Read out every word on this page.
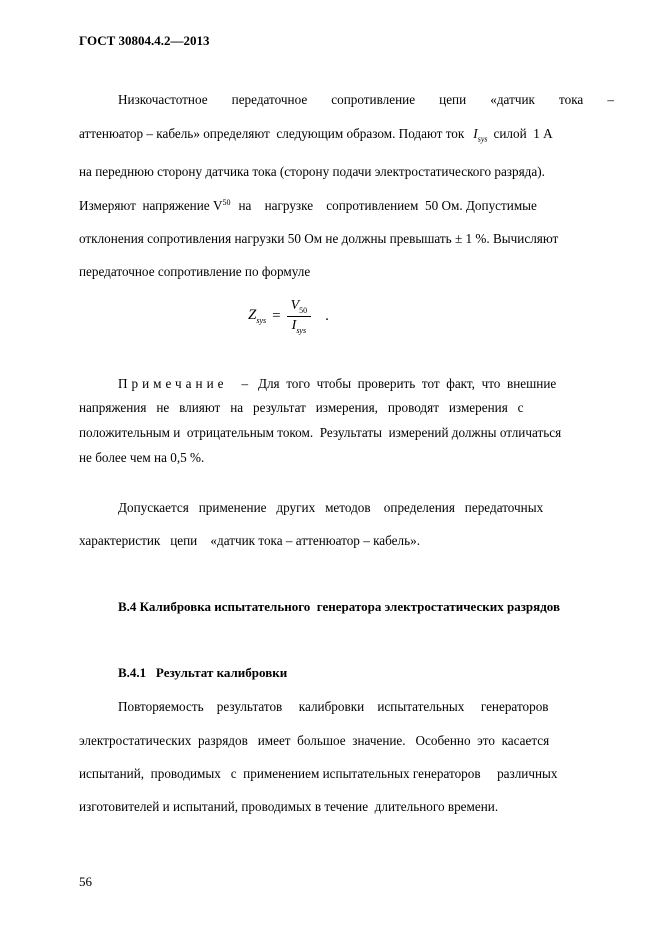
ГОСТ 30804.4.2—2013
Низкочастотное передаточное сопротивление цепи «датчик тока –
аттенюатор – кабель» определяют  следующим образом. Подают ток $I_{sys}$ силой  1 А
на переднюю сторону датчика тока (сторону подачи электростатического разряда).
Измеряют  напряжение V 50 на    нагрузке    сопротивлением  50 Ом. Допустимые
отклонения сопротивления нагрузки 50 Ом не должны превышать ± 1 %. Вычисляют
передаточное сопротивление по формуле
$Z_{sys} = \frac{V_{50}}{I_{sys}}$ .
Примечание –   Для  того  чтобы  проверить  тот  факт,  что  внешние
напряжения   не   влияют   на   результат   измерения,   проводят   измерения   с
положительным и  отрицательным током.  Результаты  измерений должны отличаться
не более чем на 0,5 %.
Допускается   применение   других   методов    определения   передаточных
характеристик   цепи    «датчик тока – аттенюатор – кабель».
В.4 Калибровка испытательного  генератора электростатических разрядов
В.4.1   Результат калибровки
Повторяемость    результатов     калибровки    испытательных     генераторов
электростатических  разрядов   имеет  большое  значение.   Особенно  это  касается
испытаний,  проводимых   с  применением испытательных генераторов     различных
изготовителей и испытаний, проводимых в течение  длительного времени.
56
